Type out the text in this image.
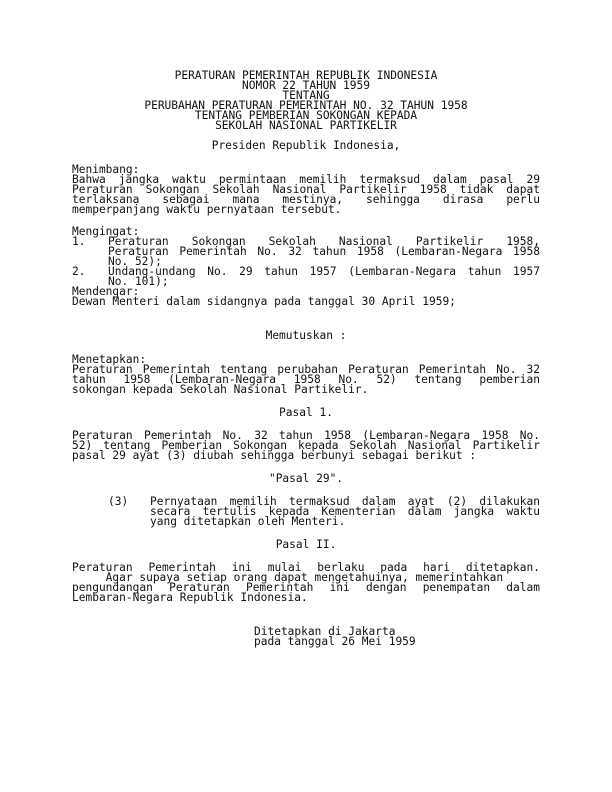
PERATURAN PEMERINTAH REPUBLIK INDONESIA
NOMOR 22 TAHUN 1959
TENTANG
PERUBAHAN PERATURAN PEMERINTAH NO. 32 TAHUN 1958
TENTANG PEMBERIAN SOKONGAN KEPADA
SEKOLAH NASIONAL PARTIKELIR
Presiden Republik Indonesia,
Menimbang:
Bahwa jangka waktu permintaan memilih termaksud dalam pasal 29
Peraturan Sokongan Sekolah Nasional Partikelir 1958 tidak dapat
terlaksana sebagai mana mestinya, sehingga dirasa perlu
memperpanjang waktu pernyataan tersebut.
Mengingat:
1.	Peraturan Sokongan Sekolah Nasional Partikelir 1958,
Peraturan Pemerintah No. 32 tahun 1958 (Lembaran-Negara 1958
No. 52);
2.	Undang-undang No. 29 tahun 1957 (Lembaran-Negara tahun 1957
No. 101);
Mendengar:
Dewan Menteri dalam sidangnya pada tanggal 30 April 1959;
Memutuskan :
Menetapkan:
Peraturan Pemerintah tentang perubahan Peraturan Pemerintah No. 32
tahun 1958 (Lembaran-Negara 1958 No. 52) tentang pemberian
sokongan kepada Sekolah Nasional Partikelir.
Pasal 1.
Peraturan Pemerintah No. 32 tahun 1958 (Lembaran-Negara 1958 No.
52) tentang Pemberian Sokongan kepada Sekolah Nasional Partikelir
pasal 29 ayat (3) diubah sehingga berbunyi sebagai berikut :
"Pasal 29".
(3)	Pernyataan memilih termaksud dalam ayat (2) dilakukan
secara tertulis kepada Kementerian dalam jangka waktu
yang ditetapkan oleh Menteri.
Pasal II.
Peraturan Pemerintah ini mulai berlaku pada hari ditetapkan.
Agar supaya setiap orang dapat mengetahuinya, memerintahkan
pengundangan Peraturan Pemerintah ini dengan penempatan dalam
Lembaran-Negara Republik Indonesia.
Ditetapkan di Jakarta
pada tanggal 26 Mei 1959
